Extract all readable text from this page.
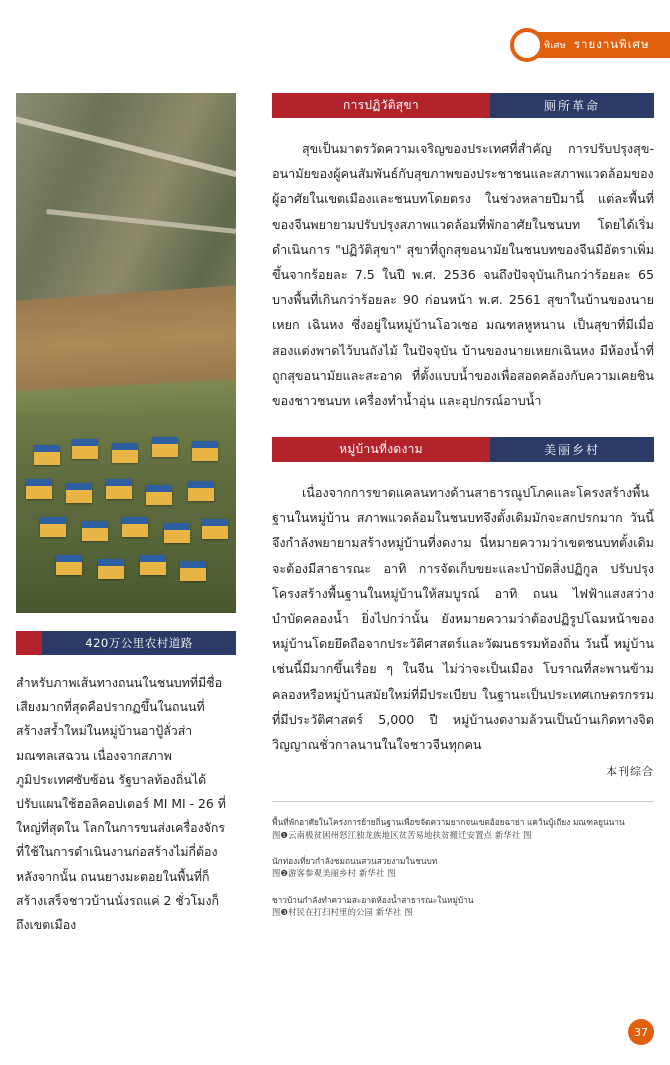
พิเศษ รายงานพิเศษ
420万公里农村道路
สำหรับภาพเส้นทางถนนในชนบทที่มีชื่อเสียงมากที่สุดคือปรากฏขึ้นในถนนที่สร้างสร้ำใหม่ในหมู่บ้านอาปู้ลั่วส่า มณฑลเสฉวน เนื่องจากสภาพภูมิประเทศซับซ้อน รัฐบาลท้องถิ่นได้ปรับแผนใช้ฮอลิคอปเตอร์ MI MI - 26 ที่ใหญ่ที่สุดใน โลกในการขนส่งเครื่องจักรที่ใช้ในการดำเนินงานก่อสร้างไม่กี่ต้องหลังจากนั้น ถนนยางมะตอยในพื้นที่ก็สร้างเสร็จชาวบ้านนั่งรถแค่ 2 ชั่วโมงก็ถึงเขตเมือง
การปฏิวัติสุขา	厕所革命

สุขเป็นมาตรวัดความเจริญของประเทศที่สำคัญ การปรับปรุงสุข-อนามัยของผู้คนสัมพันธ์กับสุขภาพของประชาชนและสภาพแวดล้อมของผู้อาศัยในเขตเมืองและชนบทโดยตรง ในช่วงหลายปีมานี้ แต่ละพื้นที่ของจีนพยายามปรับปรุงสภาพแวดล้อมที่พักอาศัยในชนบท โดยได้เริ่มดำเนินการ "ปฏิวัติสุขา" สุขาที่ถูกสุขอนามัยในชนบทของจีนมีอัตราเพิ่มขึ้นจากร้อยละ 7.5 ในปี พ.ศ. 2536 จนถึงปัจจุบันเกินกว่าร้อยละ 65 บางพื้นที่เกินกว่าร้อยละ 90 ก่อนหน้า พ.ศ. 2561 สุขาในบ้านของนายเหยก เฉินหง ซึ่งอยู่ในหมู่บ้านโอวเซอ มณฑลหูหนาน เป็นสุขาที่มีเมื่อสองแต่งพาดไว้บนถังไม้ ในปัจจุบัน บ้านของนายเหยกเฉินหง มีห้องน้ำที่ถูกสุขอนามัยและสะอาด ที่ตั้งแบบน้ำของเพื่อสอดคล้องกับความเคยชินของชาวชนบท เครื่องทำน้ำอุ่น และอุปกรณ์อาบน้ำ

หมู่บ้านที่งดงาม	美丽乡村

เนื่องจากการขาดแคลนทางด้านสาธารณูปโภคและโครงสร้างพื้นฐานในหมู่บ้าน สภาพแวดล้อมในชนบทจึงตั้งเดิมมักจะสกปรกมาก วันนี้จึงกำลังพยายามสร้างหมู่บ้านที่งดงาม นี่หมายความว่าเขตชนบทตั้งเดิมจะต้องมีสาธารณะ อาทิ การจัดเก็บขยะและบำบัดสิ่งปฏิกูล ปรับปรุงโครงสร้างพื้นฐานในหมู่บ้านให้สมบูรณ์ อาทิ ถนน ไฟฟ้าแสงสว่าง บำบัดคลองน้ำ ยิ่งไปกว่านั้น ยังหมายความว่าต้องปฏิรูปโฉมหน้าของหมู่บ้านโดยยึดถือจากประวัติศาสตร์และวัฒนธรรมท้องถิ่น วันนี้ หมู่บ้านเช่นนี้มีมากขึ้นเรื่อย ๆ ในจีน ไม่ว่าจะเป็นเมือง โบราณที่สะพานข้ามคลองหรือหมู่บ้านสมัยใหม่ที่มีประเบียบ ในฐานะเป็นประเทศเกษตรกรรมที่มีประวัติศาสตร์ 5,000 ปี หมู่บ้านงดงามล้วนเป็นบ้านเกิดทางจิตวิญญาณชั่วกาลนานในใจชาวจีนทุกคน

本刊综合
พื้นที่พักอาศัยในโครงการย้ายถิ่นฐานเพื่อขจัดความยากจนเขตอ้อยฉาย่า แคว้นบู้เถียง มณฑลยูนนาน
图❶云南极贫困州怒江独龙族地区贫苦易地扶贫搬迁安置点 新华社 图
นักท่องเที่ยวกำลังชมถนนสวนสวยงามในชนบท
图❷游客参观美丽乡村 新华社 图
ชาวบ้านกำลังทำความสะอาดห้องน้ำสาธารณะในหมู่บ้าน
图❸村民在打扫村里的公园 新华社 图
37
